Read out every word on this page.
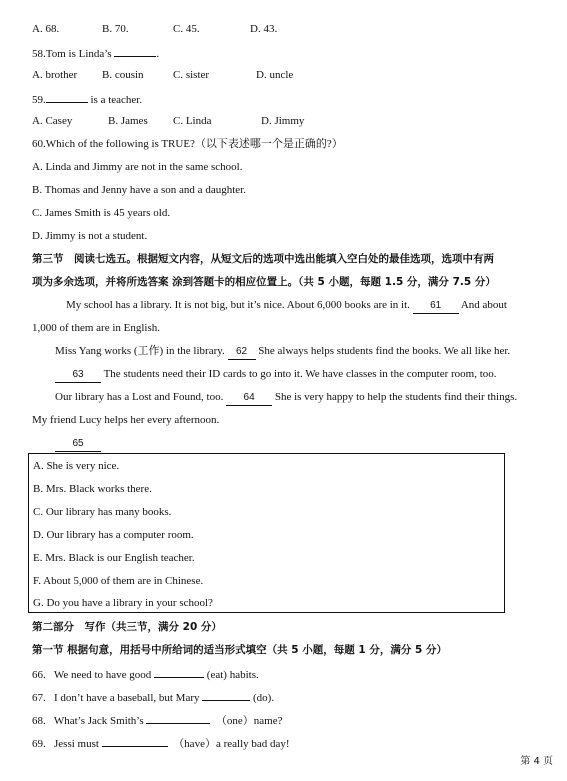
A. 68.	B. 70.	C. 45.	D. 43.
58.Tom is Linda’s	.
A. brother B. cousin	C. sister	D. uncle
59.	is a teacher.
A. Casey	B. James C. Linda	D. Jimmy
60.Which of the following is TRUE?（以下表述哪一个是正确的?）
A. Linda and Jimmy are not in the same school.
B. Thomas and Jenny have a son and a daughter.
C. James Smith is 45 years old.
D. Jimmy is not a student.
第三节　阅读七选五。根据短文内容，从短文后的选项中选出能填入空白处的最佳选项，选项中有两
项为多余选项，并将所选答案 涂到答题卡的相应位置上。（共 5 小题，每题 1.5 分，满分 7.5 分）
My school has a library. It is not big, but it’s nice. About 6,000 books are in it. 61 And about
1,000 of them are in English.
Miss Yang works (工作) in the library. 62 She always helps students find the books. We all like her.
63 The students need their ID cards to go into it. We have classes in the computer room, too.
Our library has a Lost and Found, too. 64 She is very happy to help the students find their things.
My friend Lucy helps her every afternoon.
65
A. She is very nice.
B. Mrs. Black works there.
C. Our library has many books.
D. Our library has a computer room.
E. Mrs. Black is our English teacher.
F. About 5,000 of them are in Chinese.
G. Do you have a library in your school?
第二部分　写作（共三节，满分 20 分）
第一节 根据句意，用括号中所给词的适当形式填空（共 5 小题，每题 1 分，满分 5 分）
66. We need to have good	(eat) habits.
67. I don’t have a baseball, but Mary	(do).
68. What’s Jack Smith’s	（one）name?
69. Jessi must	（have）a really bad day!
第 4 页
